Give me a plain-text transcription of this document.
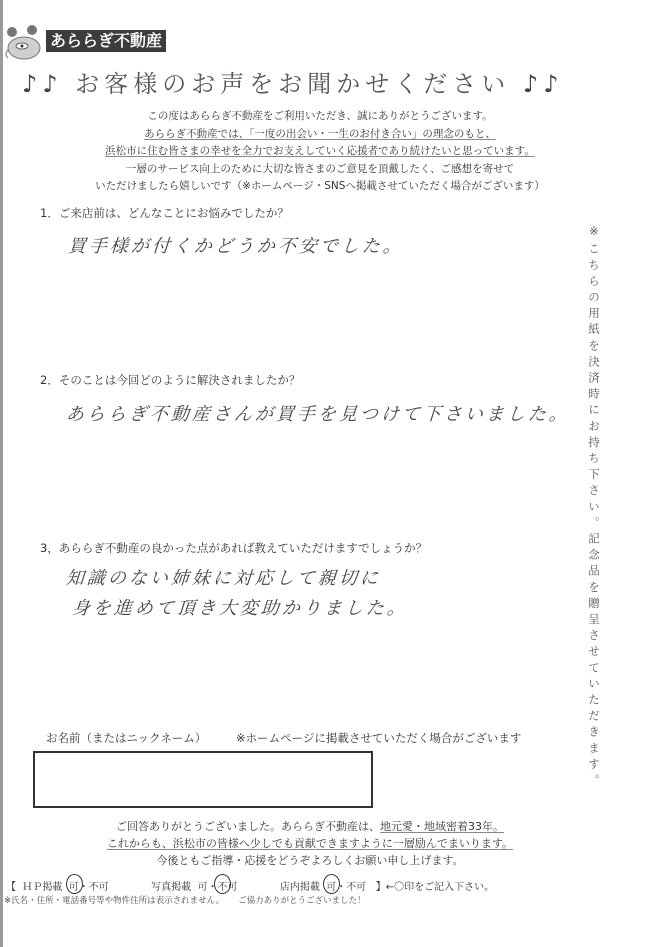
あららぎ不動産
♪♪ お客様のお声をお聞かせください ♪♪
この度はあららぎ不動産をご利用いただき、誠にありがとうございます。
あららぎ不動産では、「一度の出会い・一生のお付き合い」の理念のもと、
浜松市に住む皆さまの幸せを全力でお支えしていく応援者であり続けたいと思っています。
一層のサービス向上のために大切な皆さまのご意見を頂戴したく、ご感想を寄せて
いただけましたら嬉しいです（※ホームページ・SNSへ掲載させていただく場合がございます）
1．ご来店前は、どんなことにお悩みでしたか？
買手様が付くかどうか不安でした。
2．そのことは今回どのように解決されましたか？
あららぎ不動産さんが買手を見つけて下さいました。
3，あららぎ不動産の良かった点があれば教えていただけますでしょうか？
知識のない姉妹に対応して親切に
身を進めて頂き大変助かりました。	※こちらの用紙を決済時にお持ち下さい。記念品を贈呈させていただきます。
お名前（またはニックネーム）	※ホームページに掲載させていただく場合がございます
ご回答ありがとうございました。あららぎ不動産は、地元愛・地域密着33年。
これからも、浜松市の皆様へ少しでも貢献できますように一層励んでまいります。
今後ともご指導・応援をどうぞよろしくお願い申し上げます。
【 ＨＰ掲載 可・不可	写真掲載 可・不可	店内掲載 可・不可 】←〇印をご記入下さい。
※氏名・住所・電話番号等や物件住所は表示されません。 ご協力ありがとうございました！
